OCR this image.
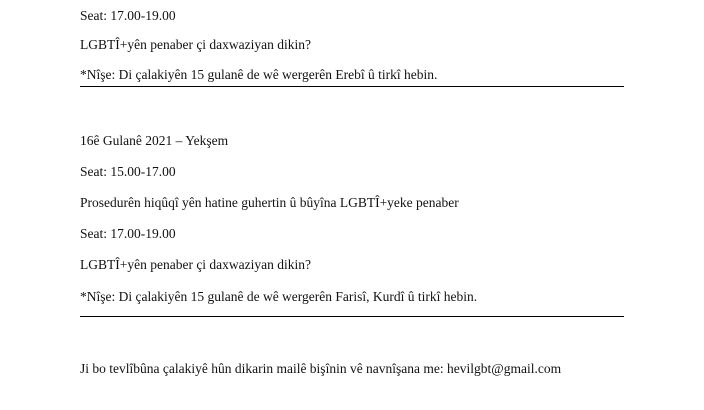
Seat: 17.00-19.00
LGBTÎ+yên penaber çi daxwaziyan dikin?
*Nîşe: Di çalakiyên 15 gulanê de wê wergerên Erebî û tirkî hebin.
16ê Gulanê 2021 – Yekşem
Seat: 15.00-17.00
Prosedurên hiqûqî yên hatine guhertin û bûyîna LGBTÎ+yeke penaber
Seat: 17.00-19.00
LGBTÎ+yên penaber çi daxwaziyan dikin?
*Nîşe: Di çalakiyên 15 gulanê de wê wergerên Farisî, Kurdî û tirkî hebin.
Ji bo tevlîbûna çalakiyê hûn dikarin mailê bişînin vê navnîşana me: hevilgbt@gmail.com
